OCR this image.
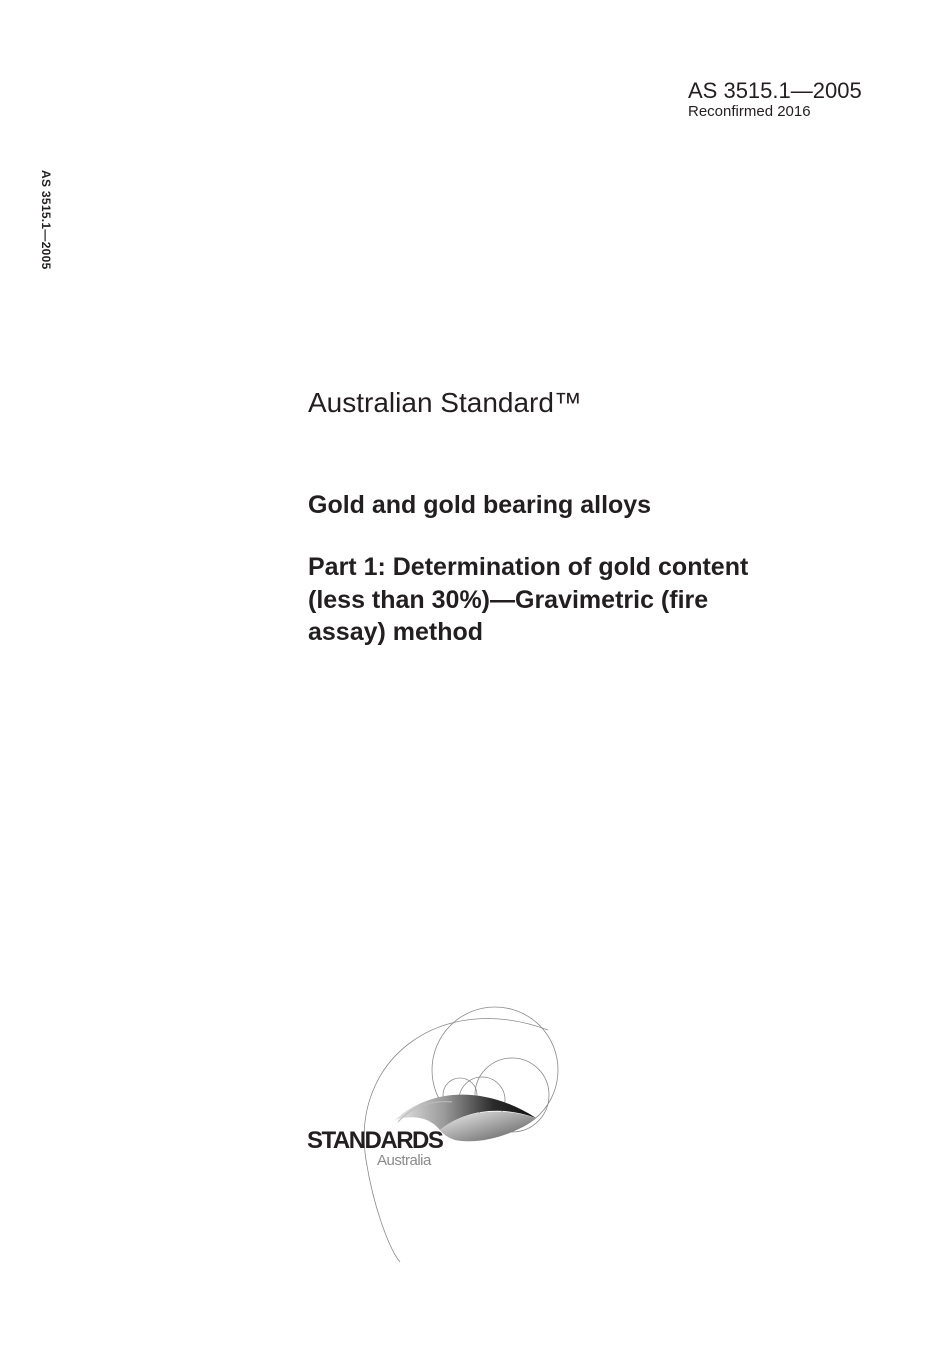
AS 3515.1—2005
Reconfirmed 2016
AS 3515.1—2005
Australian Standard™
Gold and gold bearing alloys
Part 1: Determination of gold content
(less than 30%)—Gravimetric (fire
assay) method
STANDARDS
Australia
